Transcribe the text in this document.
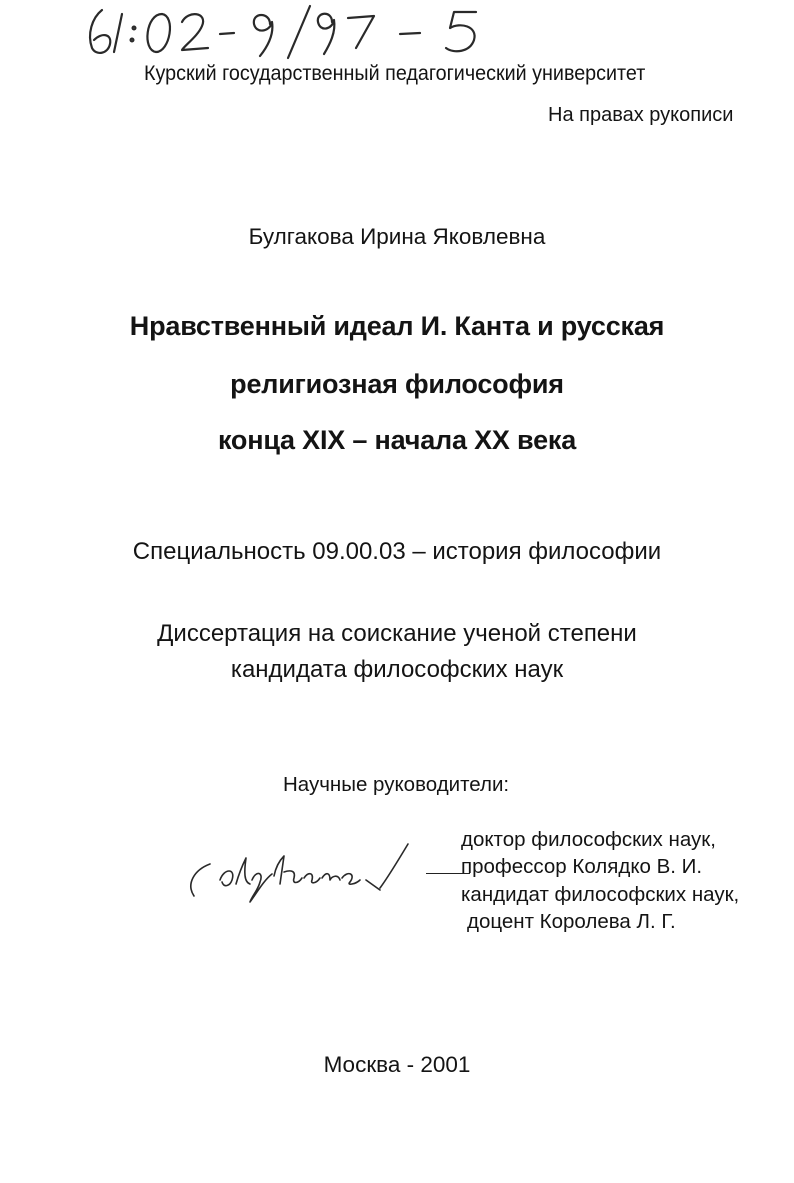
Курский государственный педагогический университет
На правах рукописи
Булгакова Ирина Яковлевна
Нравственный идеал И. Канта и русская
религиозная философия
конца XIX – начала XX века
Специальность 09.00.03 – история философии
Диссертация на соискание ученой степени
кандидата философских наук
Научные руководители:
доктор философских наук,
профессор Колядко В. И.
кандидат философских наук,
доцент Королева Л. Г.
Москва - 2001
